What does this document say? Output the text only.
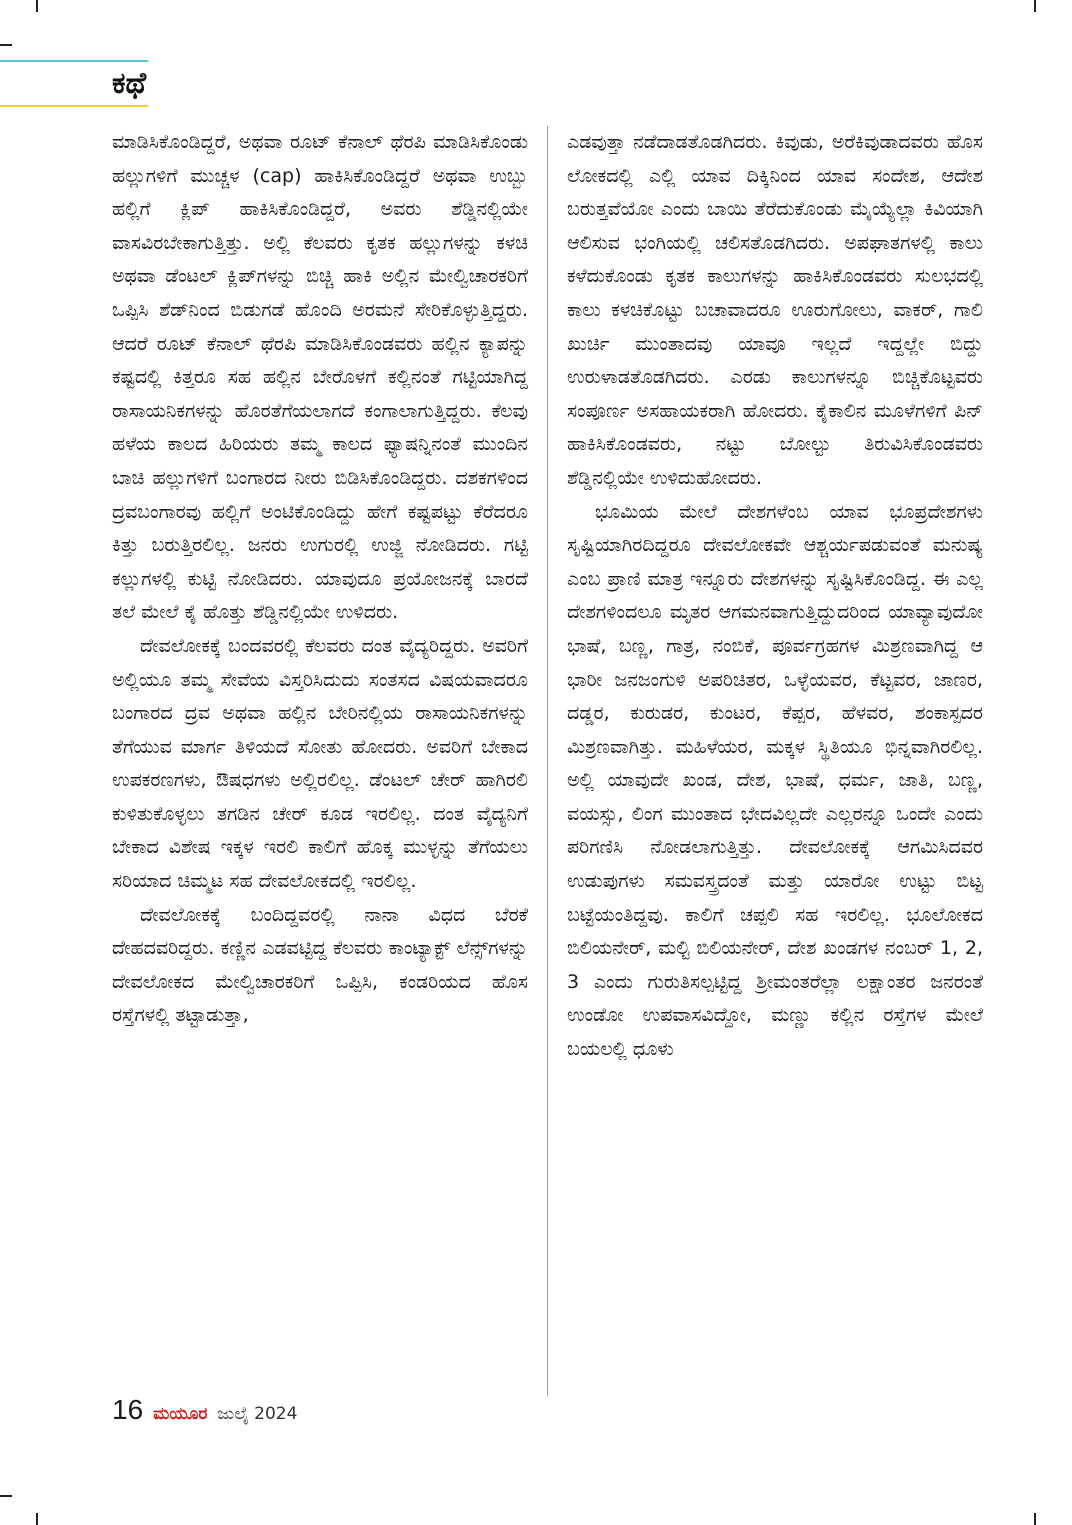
ಕಥೆ

ಮಾಡಿಸಿಕೊಂಡಿದ್ದರೆ, ಅಥವಾ ರೂಟ್ ಕೆನಾಲ್ ಥೆರಪಿ ಮಾಡಿಸಿಕೊಂಡು ಹಲ್ಲುಗಳಿಗೆ ಮುಚ್ಚಳ (cap) ಹಾಕಿಸಿಕೊಂಡಿದ್ದರೆ ಅಥವಾ ಉಬ್ಬು ಹಲ್ಲಿಗೆ ಕ್ಲಿಪ್ ಹಾಕಿಸಿಕೊಂಡಿದ್ದರೆ, ಅವರು ಶೆಡ್ಡಿನಲ್ಲಿಯೇ ವಾಸವಿರಬೇಕಾಗುತ್ತಿತ್ತು. ಅಲ್ಲಿ ಕೆಲವರು ಕೃತಕ ಹಲ್ಲುಗಳನ್ನು ಕಳಚಿ ಅಥವಾ ಡೆಂಟಲ್ ಕ್ಲಿಪ್‌ಗಳನ್ನು ಬಿಚ್ಚಿ ಹಾಕಿ ಅಲ್ಲಿನ ಮೇಲ್ವಿಚಾರಕರಿಗೆ ಒಪ್ಪಿಸಿ ಶೆಡ್‌ನಿಂದ ಬಿಡುಗಡೆ ಹೊಂದಿ ಅರಮನೆ ಸೇರಿಕೊಳ್ಳುತ್ತಿದ್ದರು. ಆದರೆ ರೂಟ್ ಕೆನಾಲ್ ಥೆರಪಿ ಮಾಡಿಸಿಕೊಂಡವರು ಹಲ್ಲಿನ ಕ್ಯಾಪನ್ನು ಕಷ್ಟದಲ್ಲಿ ಕಿತ್ತರೂ ಸಹ ಹಲ್ಲಿನ ಬೇರೊಳಗೆ ಕಲ್ಲಿನಂತೆ ಗಟ್ಟಿಯಾಗಿದ್ದ ರಾಸಾಯನಿಕಗಳನ್ನು ಹೊರತೆಗೆಯಲಾಗದೆ ಕಂಗಾಲಾಗುತ್ತಿದ್ದರು. ಕೆಲವು ಹಳೆಯ ಕಾಲದ ಹಿರಿಯರು ತಮ್ಮ ಕಾಲದ ಫ್ಯಾಷನ್ನಿನಂತೆ ಮುಂದಿನ ಬಾಚಿ ಹಲ್ಲುಗಳಿಗೆ ಬಂಗಾರದ ನೀರು ಬಿಡಿಸಿಕೊಂಡಿದ್ದರು. ದಶಕಗಳಿಂದ ದ್ರವಬಂಗಾರವು ಹಲ್ಲಿಗೆ ಅಂಟಿಕೊಂಡಿದ್ದು ಹೇಗೆ ಕಷ್ಟಪಟ್ಟು ಕೆರೆದರೂ ಕಿತ್ತು ಬರುತ್ತಿರಲಿಲ್ಲ. ಜನರು ಉಗುರಲ್ಲಿ ಉಜ್ಜಿ ನೋಡಿದರು. ಗಟ್ಟಿ ಕಲ್ಲುಗಳಲ್ಲಿ ಕುಟ್ಟಿ ನೋಡಿದರು. ಯಾವುದೂ ಪ್ರಯೋಜನಕ್ಕೆ ಬಾರದೆ ತಲೆ ಮೇಲೆ ಕೈ ಹೊತ್ತು ಶೆಡ್ಡಿನಲ್ಲಿಯೇ ಉಳಿದರು.

ದೇವಲೋಕಕ್ಕೆ ಬಂದವರಲ್ಲಿ ಕೆಲವರು ದಂತ ವೈದ್ಯರಿದ್ದರು. ಅವರಿಗೆ ಅಲ್ಲಿಯೂ ತಮ್ಮ ಸೇವೆಯ ವಿಸ್ತರಿಸಿದುದು ಸಂತಸದ ವಿಷಯವಾದರೂ ಬಂಗಾರದ ದ್ರವ ಅಥವಾ ಹಲ್ಲಿನ ಬೇರಿನಲ್ಲಿಯ ರಾಸಾಯನಿಕಗಳನ್ನು ತೆಗೆಯುವ ಮಾರ್ಗ ತಿಳಿಯದೆ ಸೋತು ಹೋದರು. ಅವರಿಗೆ ಬೇಕಾದ ಉಪಕರಣಗಳು, ಔಷಧಗಳು ಅಲ್ಲಿರಲಿಲ್ಲ. ಡೆಂಟಲ್ ಚೇರ್ ಹಾಗಿರಲಿ ಕುಳಿತುಕೊಳ್ಳಲು ತಗಡಿನ ಚೇರ್ ಕೂಡ ಇರಲಿಲ್ಲ. ದಂತ ವೈದ್ಯನಿಗೆ ಬೇಕಾದ ವಿಶೇಷ ಇಕ್ಕಳ ಇರಲಿ ಕಾಲಿಗೆ ಹೊಕ್ಕ ಮುಳ್ಳನ್ನು ತೆಗೆಯಲು ಸರಿಯಾದ ಚಿಮ್ಮಟ ಸಹ ದೇವಲೋಕದಲ್ಲಿ ಇರಲಿಲ್ಲ.

ದೇವಲೋಕಕ್ಕೆ ಬಂದಿದ್ದವರಲ್ಲಿ ನಾನಾ ವಿಧದ ಬೆರಕೆ ದೇಹದವರಿದ್ದರು. ಕಣ್ಣಿನ ಎಡವಟ್ಟಿದ್ದ ಕೆಲವರು ಕಾಂಟ್ಯಾಕ್ಟ್ ಲೆನ್ಸ್‌ಗಳನ್ನು ದೇವಲೋಕದ ಮೇಲ್ವಿಚಾರಕರಿಗೆ ಒಪ್ಪಿಸಿ, ಕಂಡರಿಯದ ಹೊಸ ರಸ್ತೆಗಳಲ್ಲಿ ತಟ್ಟಾಡುತ್ತಾ,

ಎಡವುತ್ತಾ ನಡೆದಾಡತೊಡಗಿದರು. ಕಿವುಡು, ಅರೆಕಿವುಡಾದವರು ಹೊಸ ಲೋಕದಲ್ಲಿ ಎಲ್ಲಿ ಯಾವ ದಿಕ್ಕಿನಿಂದ ಯಾವ ಸಂದೇಶ, ಆದೇಶ ಬರುತ್ತವೆಯೋ ಎಂದು ಬಾಯಿ ತೆರೆದುಕೊಂಡು ಮೈಯ್ಯೆಲ್ಲಾ ಕಿವಿಯಾಗಿ ಆಲಿಸುವ ಭಂಗಿಯಲ್ಲಿ ಚಲಿಸತೊಡಗಿದರು. ಅಪಘಾತಗಳಲ್ಲಿ ಕಾಲು ಕಳೆದುಕೊಂಡು ಕೃತಕ ಕಾಲುಗಳನ್ನು ಹಾಕಿಸಿಕೊಂಡವರು ಸುಲಭದಲ್ಲಿ ಕಾಲು ಕಳಚಿಕೊಟ್ಟು ಬಚಾವಾದರೂ ಊರುಗೋಲು, ವಾಕರ್, ಗಾಲಿ ಖುರ್ಚಿ ಮುಂತಾದವು ಯಾವೂ ಇಲ್ಲದೆ ಇದ್ದಲ್ಲೇ ಬಿದ್ದು ಉರುಳಾಡತೊಡಗಿದರು. ಎರಡು ಕಾಲುಗಳನ್ನೂ ಬಿಚ್ಚಿಕೊಟ್ಟವರು ಸಂಪೂರ್ಣ ಅಸಹಾಯಕರಾಗಿ ಹೋದರು. ಕೈಕಾಲಿನ ಮೂಳೆಗಳಿಗೆ ಪಿನ್ ಹಾಕಿಸಿಕೊಂಡವರು, ನಟ್ಟು ಬೋಲ್ಟು ತಿರುವಿಸಿಕೊಂಡವರು ಶೆಡ್ಡಿನಲ್ಲಿಯೇ ಉಳಿದುಹೋದರು.

ಭೂಮಿಯ ಮೇಲೆ ದೇಶಗಳೆಂಬ ಯಾವ ಭೂಪ್ರದೇಶಗಳು ಸೃಷ್ಟಿಯಾಗಿರದಿದ್ದರೂ ದೇವಲೋಕವೇ ಆಶ್ಚರ್ಯಪಡುವಂತೆ ಮನುಷ್ಯ ಎಂಬ ಪ್ರಾಣಿ ಮಾತ್ರ ಇನ್ನೂರು ದೇಶಗಳನ್ನು ಸೃಷ್ಟಿಸಿಕೊಂಡಿದ್ದ. ಈ ಎಲ್ಲ ದೇಶಗಳಿಂದಲೂ ಮೃತರ ಆಗಮನವಾಗುತ್ತಿದ್ದುದರಿಂದ ಯಾವ್ಯಾವುದೋ ಭಾಷೆ, ಬಣ್ಣ, ಗಾತ್ರ, ನಂಬಿಕೆ, ಪೂರ್ವಗ್ರಹಗಳ ಮಿಶ್ರಣವಾಗಿದ್ದ ಆ ಭಾರೀ ಜನಜಂಗುಳಿ ಅಪರಿಚಿತರ, ಒಳ್ಳೆಯವರ, ಕೆಟ್ಟವರ, ಜಾಣರ, ದಡ್ಡರ, ಕುರುಡರ, ಕುಂಟರ, ಕೆಪ್ಪರ, ಹೆಳವರ, ಶಂಕಾಸ್ಪದರ ಮಿಶ್ರಣವಾಗಿತ್ತು. ಮಹಿಳೆಯರ, ಮಕ್ಕಳ ಸ್ಥಿತಿಯೂ ಭಿನ್ನವಾಗಿರಲಿಲ್ಲ. ಅಲ್ಲಿ ಯಾವುದೇ ಖಂಡ, ದೇಶ, ಭಾಷೆ, ಧರ್ಮ, ಜಾತಿ, ಬಣ್ಣ, ವಯಸ್ಸು, ಲಿಂಗ ಮುಂತಾದ ಭೇದವಿಲ್ಲದೇ ಎಲ್ಲರನ್ನೂ ಒಂದೇ ಎಂದು ಪರಿಗಣಿಸಿ ನೋಡಲಾಗುತ್ತಿತ್ತು. ದೇವಲೋಕಕ್ಕೆ ಆಗಮಿಸಿದವರ ಉಡುಪುಗಳು ಸಮವಸ್ತ್ರದಂತೆ ಮತ್ತು ಯಾರೋ ಉಟ್ಟು ಬಿಟ್ಟ ಬಟ್ಟೆಯಂತಿದ್ದವು. ಕಾಲಿಗೆ ಚಪ್ಪಲಿ ಸಹ ಇರಲಿಲ್ಲ. ಭೂಲೋಕದ ಬಿಲಿಯನೇರ್, ಮಲ್ಟಿ ಬಿಲಿಯನೇರ್, ದೇಶ ಖಂಡಗಳ ನಂಬರ್ 1, 2, 3 ಎಂದು ಗುರುತಿಸಲ್ಪಟ್ಟಿದ್ದ ಶ್ರೀಮಂತರೆಲ್ಲಾ ಲಕ್ಷಾಂತರ ಜನರಂತೆ ಉಂಡೋ ಉಪವಾಸವಿದ್ದೋ, ಮಣ್ಣು ಕಲ್ಲಿನ ರಸ್ತೆಗಳ ಮೇಲೆ ಬಯಲಲ್ಲಿ ಧೂಳು

16 ಮಯೂರ ಜುಲೈ 2024
